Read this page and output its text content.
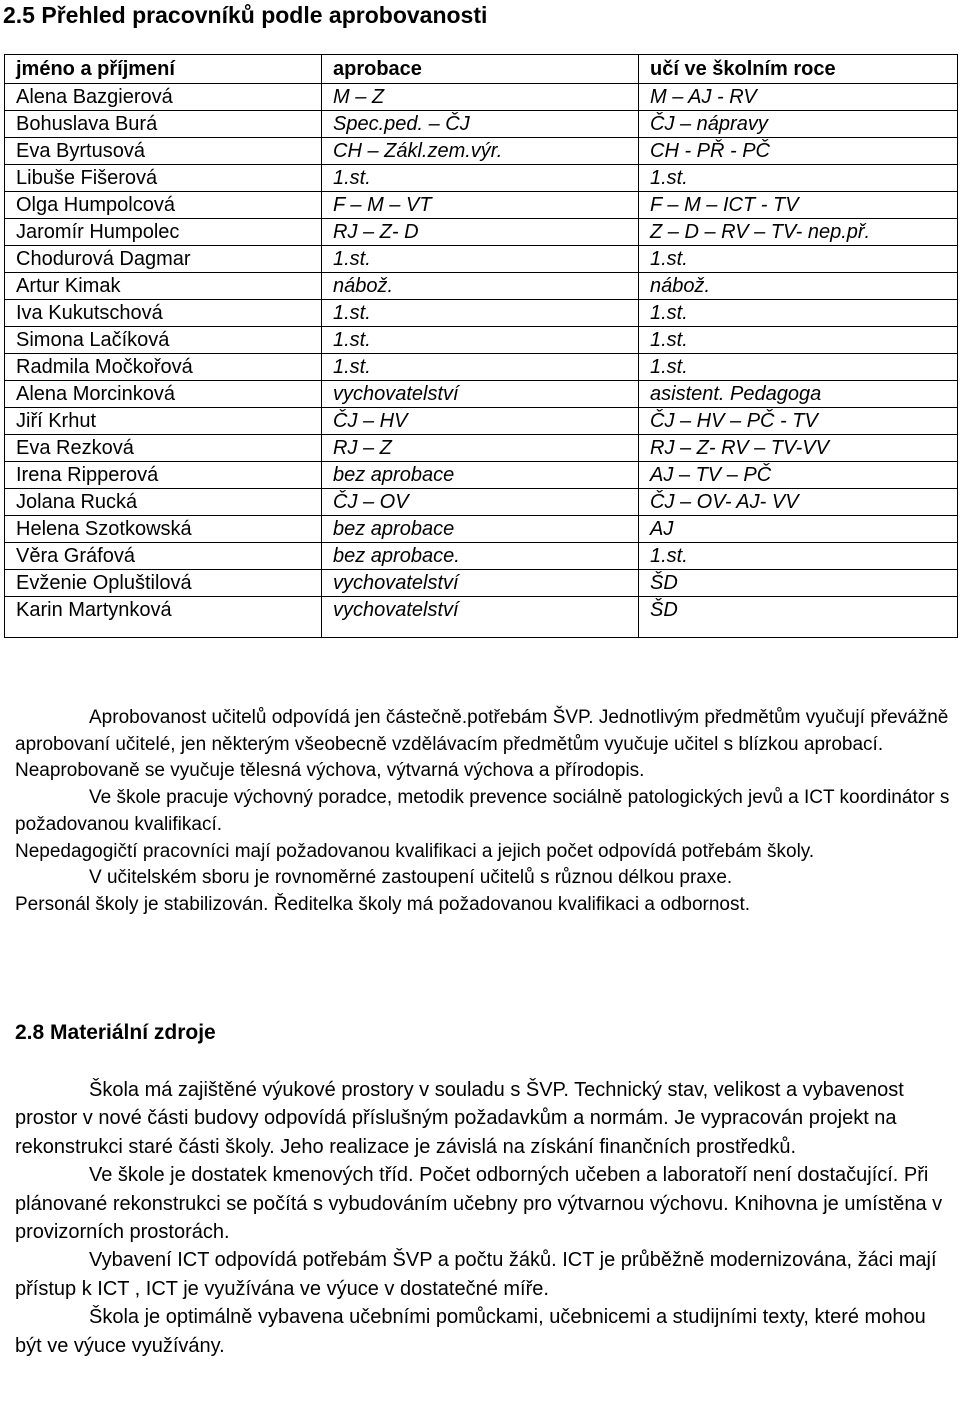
2.5 Přehled pracovníků podle aprobovanosti
jméno a příjmení	aprobace	učí ve školním roce
Alena Bazgierová	M – Z	M – AJ - RV
Bohuslava Burá	Spec.ped. – ČJ	ČJ – nápravy
Eva Byrtusová	CH – Zákl.zem.výr.	CH - PŘ - PČ
Libuše Fišerová	1.st.	1.st.
Olga Humpolcová	F – M – VT	F – M – ICT - TV
Jaromír Humpolec	RJ – Z- D	Z – D – RV – TV- nep.př.
Chodurová Dagmar	1.st.	1.st.
Artur Kimak	nábož.	nábož.
Iva Kukutschová	1.st.	1.st.
Simona Lačíková	1.st.	1.st.
Radmila Močkořová	1.st.	1.st.
Alena Morcinková	vychovatelství	asistent. Pedagoga
Jiří Krhut	ČJ – HV	ČJ – HV – PČ - TV
Eva Rezková	RJ – Z	RJ – Z- RV – TV-VV
Irena Ripperová	bez aprobace	AJ – TV – PČ
Jolana Rucká	ČJ – OV	ČJ – OV- AJ- VV
Helena Szotkowská	bez aprobace	AJ
Věra Gráfová	bez aprobace.	1.st.
Evženie Opluštilová	vychovatelství	ŠD
Karin Martynková	vychovatelství	ŠD

Aprobovanost učitelů odpovídá jen částečně.potřebám ŠVP. Jednotlivým předmětům vyučují převážně aprobovaní učitelé, jen některým všeobecně vzdělávacím předmětům vyučuje učitel s blízkou aprobací. Neaprobovaně se vyučuje tělesná výchova, výtvarná výchova a přírodopis.

Ve škole pracuje výchovný poradce, metodik prevence sociálně patologických jevů a ICT koordinátor s požadovanou kvalifikací.

Nepedagogičtí pracovníci mají požadovanou kvalifikaci a jejich počet odpovídá potřebám školy.

V učitelském sboru je rovnoměrné zastoupení učitelů s různou délkou praxe.

Personál školy je stabilizován. Ředitelka školy má požadovanou kvalifikaci a odbornost.

2.8 Materiální zdroje

Škola má zajištěné výukové prostory v souladu s ŠVP. Technický stav, velikost a vybavenost prostor v nové části budovy odpovídá příslušným požadavkům a normám. Je vypracován projekt na rekonstrukci staré části školy. Jeho realizace je závislá na získání finančních prostředků.

Ve škole je dostatek kmenových tříd. Počet odborných učeben a laboratoří není dostačující. Při plánované rekonstrukci se počítá s vybudováním učebny pro výtvarnou výchovu. Knihovna je umístěna v provizorních prostorách.

Vybavení ICT odpovídá potřebám ŠVP a počtu žáků. ICT je průběžně modernizována, žáci mají přístup k ICT , ICT je využívána ve výuce v dostatečné míře.

Škola je optimálně vybavena učebními pomůckami, učebnicemi a studijními texty, které mohou být ve výuce využívány.
